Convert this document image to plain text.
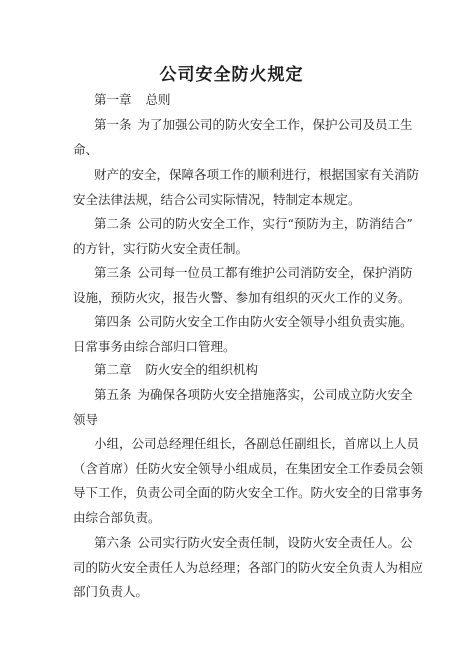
公司安全防火规定
第一章 总则
第一条 为了加强公司的防火安全工作，保护公司及员工生
命、
财产的安全，保障各项工作的顺利进行，根据国家有关消防
安全法律法规，结合公司实际情况，特制定本规定。
第二条 公司的防火安全工作，实行“预防为主，防消结合”
的方针，实行防火安全责任制。
第三条 公司每一位员工都有维护公司消防安全，保护消防
设施，预防火灾，报告火警、参加有组织的灭火工作的义务。
第四条 公司防火安全工作由防火安全领导小组负责实施。
日常事务由综合部归口管理。
第二章 防火安全的组织机构
第五条 为确保各项防火安全措施落实，公司成立防火安全
领导
小组，公司总经理任组长，各副总任副组长，首席以上人员
（含首席）任防火安全领导小组成员，在集团安全工作委员会领
导下工作，负责公司全面的防火安全工作。防火安全的日常事务
由综合部负责。
第六条 公司实行防火安全责任制，设防火安全责任人。公
司的防火安全责任人为总经理；各部门的防火安全负责人为相应
部门负责人。
